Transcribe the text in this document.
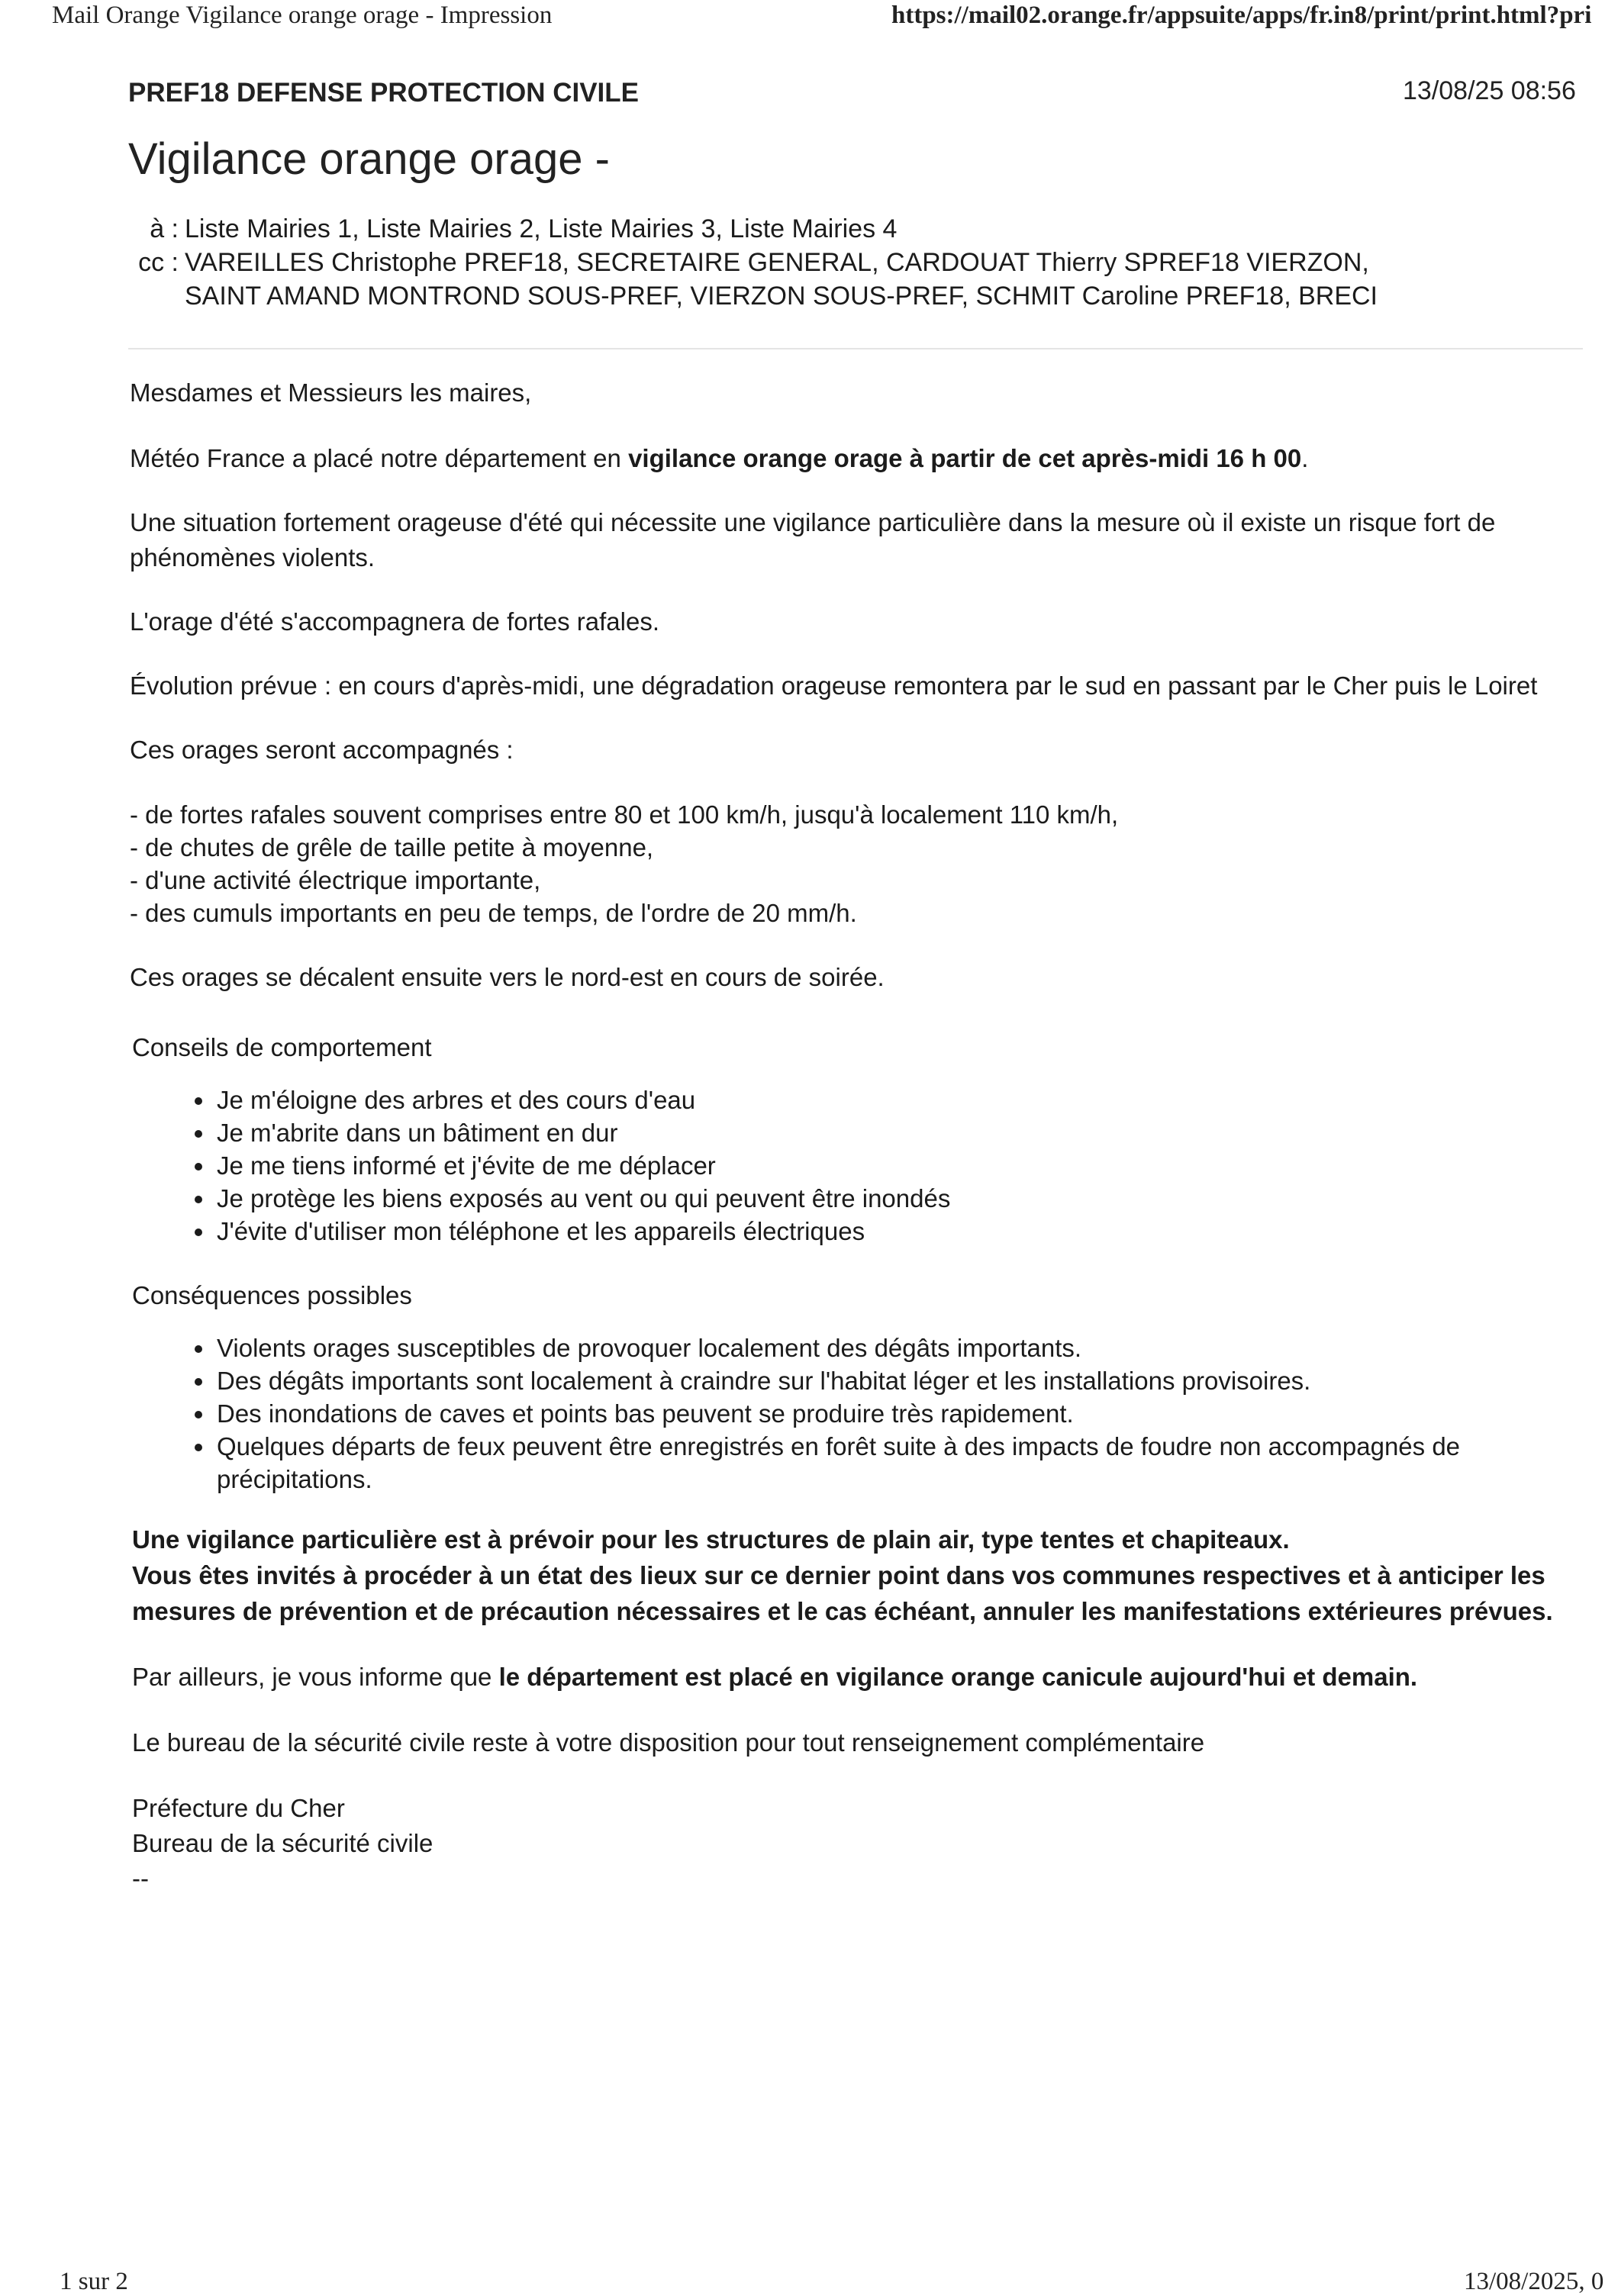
Mail Orange Vigilance orange orage - Impression	https://mail02.orange.fr/appsuite/apps/fr.in8/print/print.html?pri
PREF18 DEFENSE PROTECTION CIVILE	13/08/25 08:56
Vigilance orange orage -
à : Liste Mairies 1, Liste Mairies 2, Liste Mairies 3, Liste Mairies 4
cc : VAREILLES Christophe PREF18, SECRETAIRE GENERAL, CARDOUAT Thierry SPREF18 VIERZON,
SAINT AMAND MONTROND SOUS-PREF, VIERZON SOUS-PREF, SCHMIT Caroline PREF18, BRECI

Mesdames et Messieurs les maires,

Météo France a placé notre département en vigilance orange orage à partir de cet après-midi 16 h 00.

Une situation fortement orageuse d'été qui nécessite une vigilance particulière dans la mesure où il existe un risque fort de phénomènes violents.

L'orage d'été s'accompagnera de fortes rafales.

Évolution prévue : en cours d'après-midi, une dégradation orageuse remontera par le sud en passant par le Cher puis le Loiret

Ces orages seront accompagnés :

- de fortes rafales souvent comprises entre 80 et 100 km/h, jusqu'à localement 110 km/h,
- de chutes de grêle de taille petite à moyenne,
- d'une activité électrique importante,
- des cumuls importants en peu de temps, de l'ordre de 20 mm/h.

Ces orages se décalent ensuite vers le nord-est en cours de soirée.

Conseils de comportement

• Je m'éloigne des arbres et des cours d'eau
• Je m'abrite dans un bâtiment en dur
• Je me tiens informé et j'évite de me déplacer
• Je protège les biens exposés au vent ou qui peuvent être inondés
• J'évite d'utiliser mon téléphone et les appareils électriques

Conséquences possibles

• Violents orages susceptibles de provoquer localement des dégâts importants.
• Des dégâts importants sont localement à craindre sur l'habitat léger et les installations provisoires.
• Des inondations de caves et points bas peuvent se produire très rapidement.
• Quelques départs de feux peuvent être enregistrés en forêt suite à des impacts de foudre non accompagnés de précipitations.
Une vigilance particulière est à prévoir pour les structures de plain air, type tentes et chapiteaux.
Vous êtes invités à procéder à un état des lieux sur ce dernier point dans vos communes respectives et à anticiper les mesures de prévention et de précaution nécessaires et le cas échéant, annuler les manifestations extérieures prévues.

Par ailleurs, je vous informe que le département est placé en vigilance orange canicule aujourd'hui et demain.

Le bureau de la sécurité civile reste à votre disposition pour tout renseignement complémentaire

Préfecture du Cher
Bureau de la sécurité civile
--
1 sur 2	13/08/2025, 0
